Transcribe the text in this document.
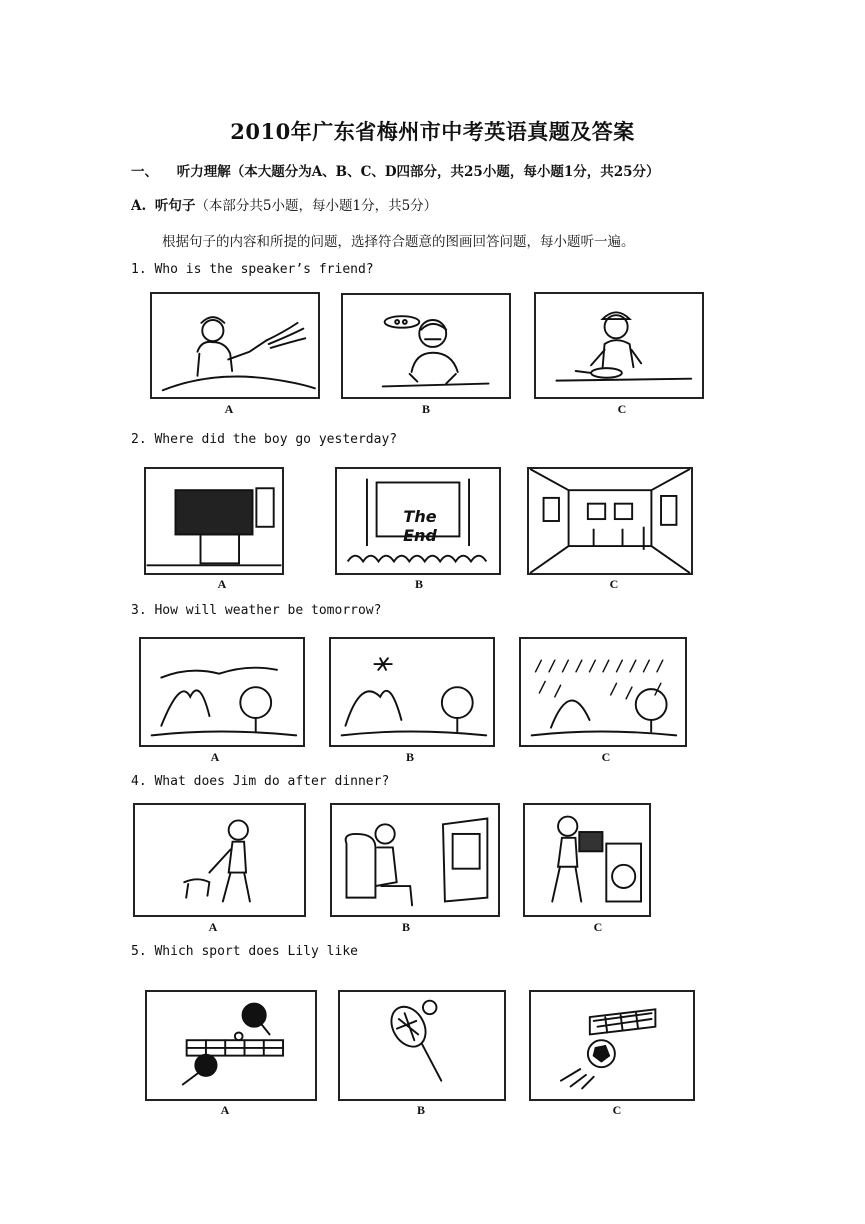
2010年广东省梅州市中考英语真题及答案
一、 听力理解（本大题分为A、B、C、D四部分，共25小题，每小题1分，共25分）
A. 听句子（本部分共5小题，每小题1分，共5分）
根据句子的内容和所提的问题，选择符合题意的图画回答问题，每小题听一遍。
1. Who is the speaker’s friend?
A	B	C
2. Where did the boy go yesterday?
A
The End
B	C
3. How will weather be tomorrow?
A	B	C
4. What does Jim do after dinner?
A	B	C
5. Which sport does Lily like
A	B	C
